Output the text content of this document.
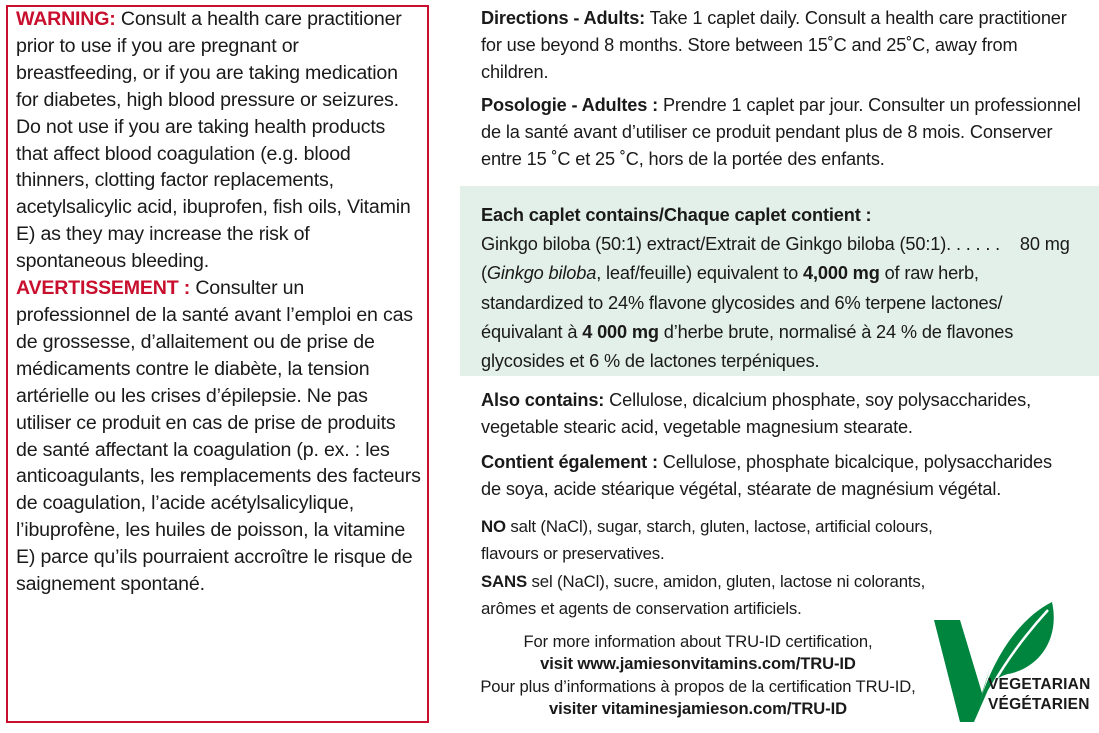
WARNING: Consult a health care practitioner prior to use if you are pregnant or breastfeeding, or if you are taking medication for diabetes, high blood pressure or seizures. Do not use if you are taking health products that affect blood coagulation (e.g. blood thinners, clotting factor replacements, acetylsalicylic acid, ibuprofen, fish oils, Vitamin E) as they may increase the risk of spontaneous bleeding.

AVERTISSEMENT : Consulter un professionnel de la santé avant l’emploi en cas de grossesse, d’allaitement ou de prise de médicaments contre le diabète, la tension artérielle ou les crises d’épilepsie. Ne pas utiliser ce produit en cas de prise de produits de santé affectant la coagulation (p. ex. : les anticoagulants, les remplacements des facteurs de coagulation, l’acide acétylsalicylique, l’ibuprofène, les huiles de poisson, la vitamine E) parce qu’ils pourraient accroître le risque de saignement spontané.

Directions - Adults: Take 1 caplet daily. Consult a health care practitioner for use beyond 8 months. Store between 15˚C and 25˚C, away from children.
Posologie - Adultes : Prendre 1 caplet par jour. Consulter un professionnel de la santé avant d’utiliser ce produit pendant plus de 8 mois. Conserver entre 15 ˚C et 25 ˚C, hors de la portée des enfants.
Each caplet contains/Chaque caplet contient :
Ginkgo biloba (50:1) extract/Extrait de Ginkgo biloba (50:1). . . . . . 80 mg
(Ginkgo biloba, leaf/feuille) equivalent to 4,000 mg of raw herb,
standardized to 24% flavone glycosides and 6% terpene lactones/
équivalant à 4 000 mg d’herbe brute, normalisé à 24 % de flavones
glycosides et 6 % de lactones terpéniques.
Also contains: Cellulose, dicalcium phosphate, soy polysaccharides, vegetable stearic acid, vegetable magnesium stearate.
Contient également : Cellulose, phosphate bicalcique, polysaccharides de soya, acide stéarique végétal, stéarate de magnésium végétal.
NO salt (NaCl), sugar, starch, gluten, lactose, artificial colours, flavours or preservatives.
SANS sel (NaCl), sucre, amidon, gluten, lactose ni colorants, arômes et agents de conservation artificiels.
For more information about TRU-ID certification,
visit www.jamiesonvitamins.com/TRU-ID
Pour plus d’informations à propos de la certification TRU-ID,
visiter vitaminesjamieson.com/TRU-ID
VEGETARIAN
VÉGÉTARIEN
